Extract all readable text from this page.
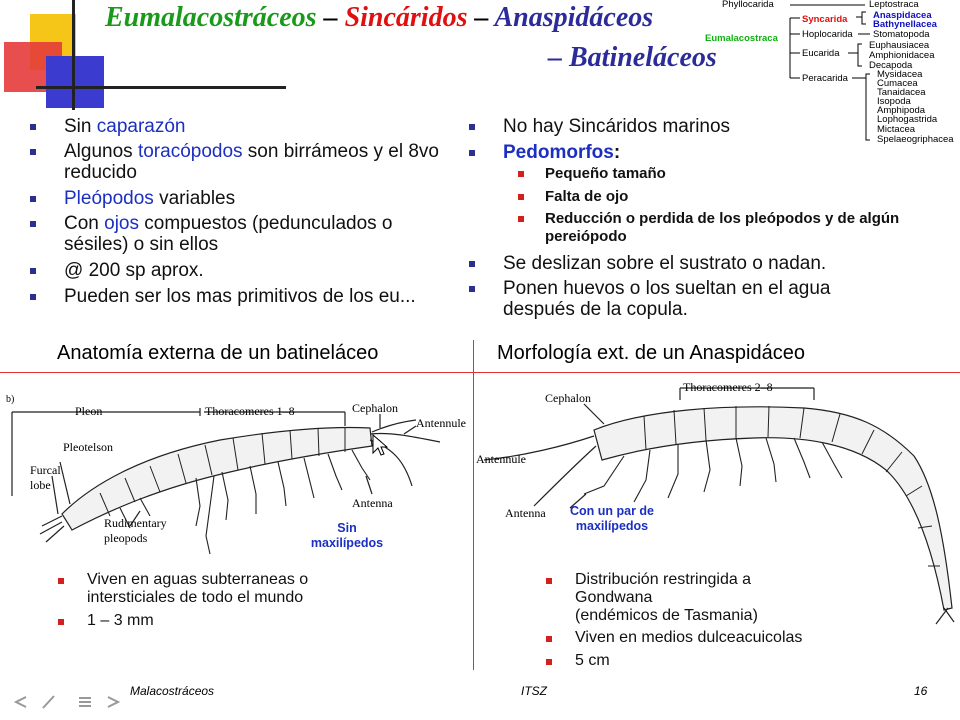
Eumalacostráceos – Sincáridos – Anaspidáceos
– Batineláceos
Phyllocarida	Leptostraca
Syncarida	Anaspidacea
Bathynellacea
Eumalacostraca	Hoplocarida Stomatopoda
Eucarida
Euphausiacea
Amphionidacea
Decapoda
Peracarida	Mysidacea
Cumacea
Tanaidacea
Isopoda
Amphipoda
Lophogastrida
Mictacea
Spelaeogriphacea
Sin caparazón
Algunos toracópodos son birrámeos y el 8vo reducido
Pleópodos variables
Con ojos compuestos (pedunculados o sésiles) o sin ellos
@ 200 sp aprox.
Pueden ser los mas primitivos de los eu...
No hay Sincáridos marinos
Pedomorfos:
Pequeño tamaño
Falta de ojo
Reducción o perdida de los pleópodos y de algún pereiópodo
Se deslizan sobre el sustrato o nadan.
Ponen huevos o los sueltan en el agua después de la copula.
Anatomía externa de un batineláceo	Morfología ext. de un Anaspidáceo
b)
Pleon	Thoracomeres 1–8	Cephalon
Antennule
Pleotelson
Furcal
lobe
Rudimentary
pleopods
Antenna
Sin
maxilípedos
Thoracomeres 2–8
Cephalon
Antennule
Antenna	Con un par de
maxilípedos
Viven en aguas subterraneas o intersticiales de todo el mundo
1 – 3 mm
Distribución restringida a Gondwana
(endémicos de Tasmania)
Viven en medios dulceacuicolas
5 cm
Malacostráceos	ITSZ	16
